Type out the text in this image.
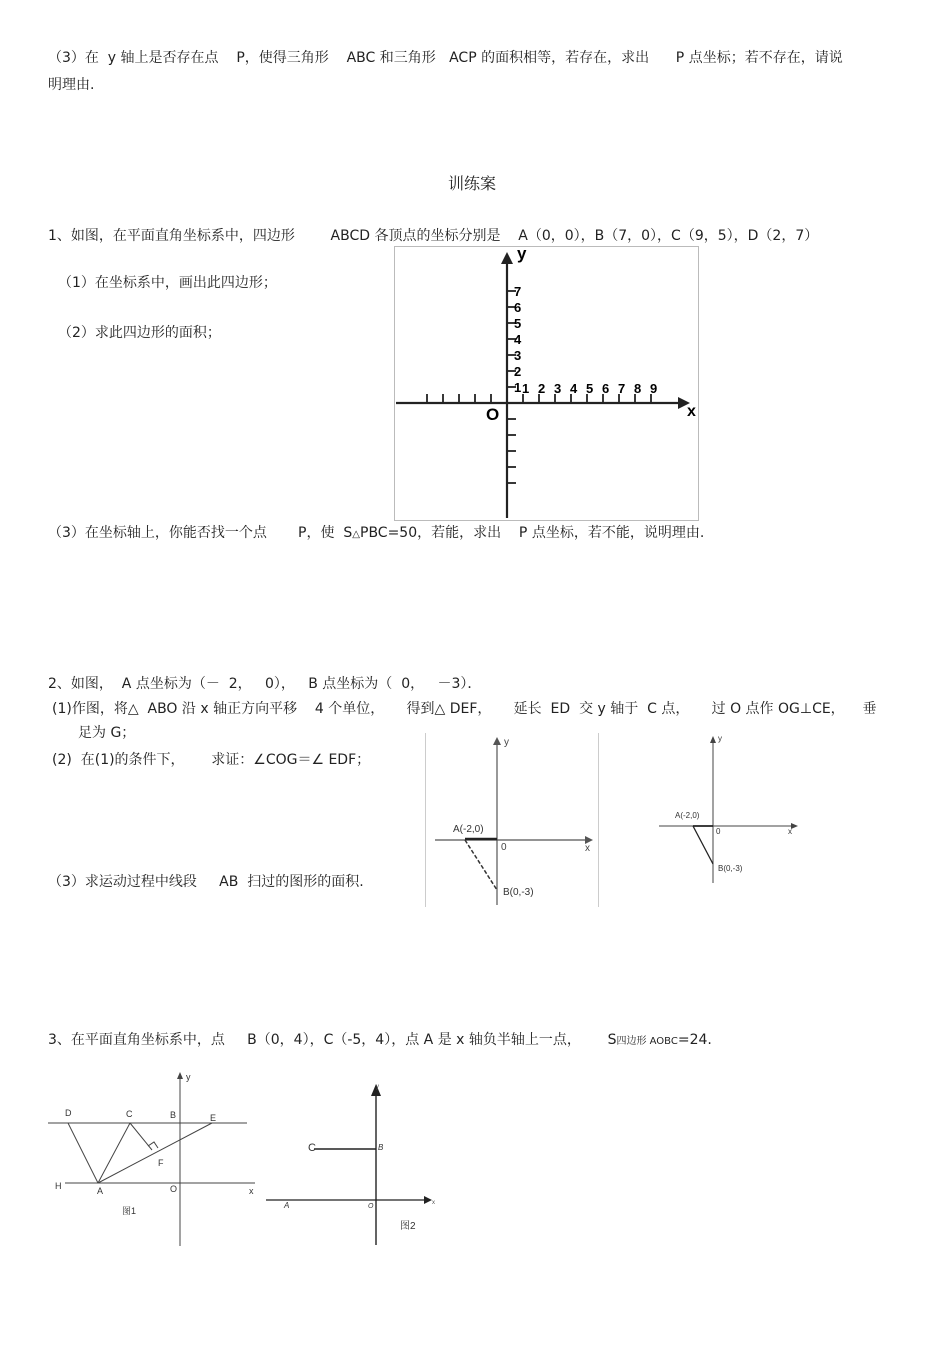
（3）在  y 轴上是否存在点    P，使得三角形    ABC 和三角形   ACP 的面积相等，若存在，求出      P 点坐标；若不存在，请说
明理由.
训练案
1、如图，在平面直角坐标系中，四边形        ABCD 各顶点的坐标分别是    A（0，0），B（7，0），C（9，5），D（2，7）
（1）在坐标系中，画出此四边形；
（2）求此四边形的面积；
（3）在坐标轴上，你能否找一个点       P，使  S△PBC=50，若能，求出    P 点坐标，若不能，说明理由.
y
x
O
1 2 3 4 5 6 7 8 9
1
2
3
4
5
6
7
2、如图，  A 点坐标为（－  2，   0），   B 点坐标为（  0，   －3）．
(1)作图，将△  ABO 沿 x 轴正方向平移    4 个单位，     得到△ DEF，     延长  ED  交 y 轴于  C 点，     过 O 点作 OG⊥CE，    垂
足为 G；
(2)  在(1)的条件下，      求证：∠COG＝∠ EDF；
（3）求运动过程中线段     AB  扫过的图形的面积.
y
x
0
A(-2,0)
B(0,-3)
y
x
0
A(-2,0)
B(0,-3)
3、在平面直角坐标系中，点     B（0，4），C（-5，4），点 A 是 x 轴负半轴上一点，      S四边形 AOBC=24.
y
x
D	C	B	E
F
H	A	O
图1
y
x
C	B
A	O
图2
